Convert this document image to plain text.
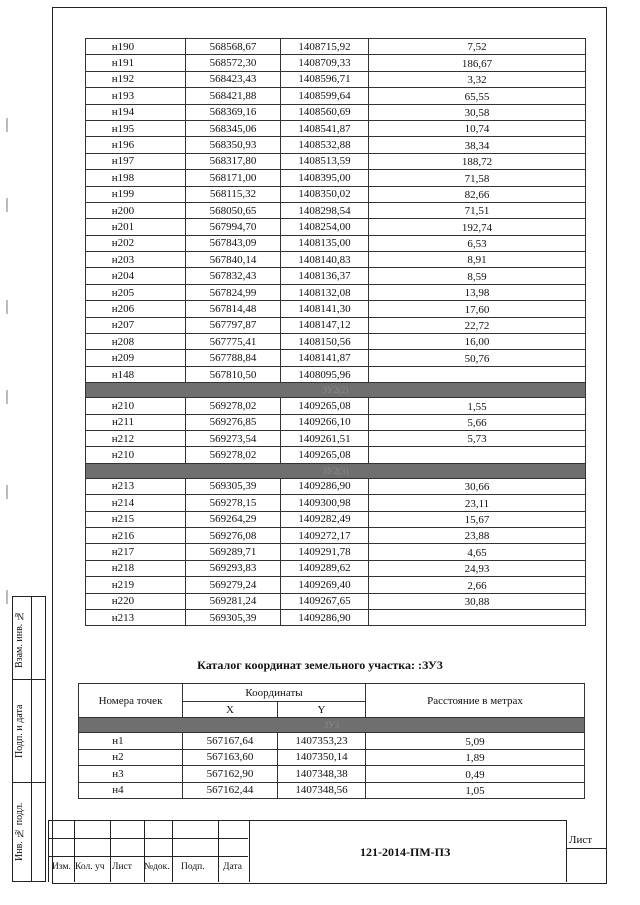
н190	568568,67	1408715,92	7,52
н191	568572,30	1408709,33	186,67
н192	568423,43	1408596,71	3,32
н193	568421,88	1408599,64	65,55
н194	568369,16	1408560,69	30,58
н195	568345,06	1408541,87	10,74
н196	568350,93	1408532,88	38,34
н197	568317,80	1408513,59	188,72
н198	568171,00	1408395,00	71,58
н199	568115,32	1408350,02	82,66
н200	568050,65	1408298,54	71,51
н201	567994,70	1408254,00	192,74
н202	567843,09	1408135,00	6,53
н203	567840,14	1408140,83	8,91
н204	567832,43	1408136,37	8,59
н205	567824,99	1408132,08	13,98
н206	567814,48	1408141,30	17,60
н207	567797,87	1408147,12	22,72
н208	567775,41	1408150,56	16,00
н209	567788,84	1408141,87	50,76
н148	567810,50	1408095,96	
ЗУ2(2)			
н210	569278,02	1409265,08	1,55
н211	569276,85	1409266,10	5,66
н212	569273,54	1409261,51	5,73
н210	569278,02	1409265,08	
ЗУ2(3)			
н213	569305,39	1409286,90	30,66
н214	569278,15	1409300,98	23,11
н215	569264,29	1409282,49	15,67
н216	569276,08	1409272,17	23,88
н217	569289,71	1409291,78	4,65
н218	569293,83	1409289,62	24,93
н219	569279,24	1409269,40	2,66
н220	569281,24	1409267,65	30,88
н213	569305,39	1409286,90	
Каталог координат земельного участка: :ЗУ3
Номера точек	Координаты		Расстояние в метрах
	X	Y	
ЗУ3			
н1	567167,64	1407353,23	5,09
н2	567163,60	1407350,14	1,89
н3	567162,90	1407348,38	0,49
н4	567162,44	1407348,56	1,05
Взам. инв. №
Подп. и дата
Инв. № подл.
Изм. Кол. уч Лист №док. Подп. Дата
121-2014-ПМ-ПЗ
Лист
